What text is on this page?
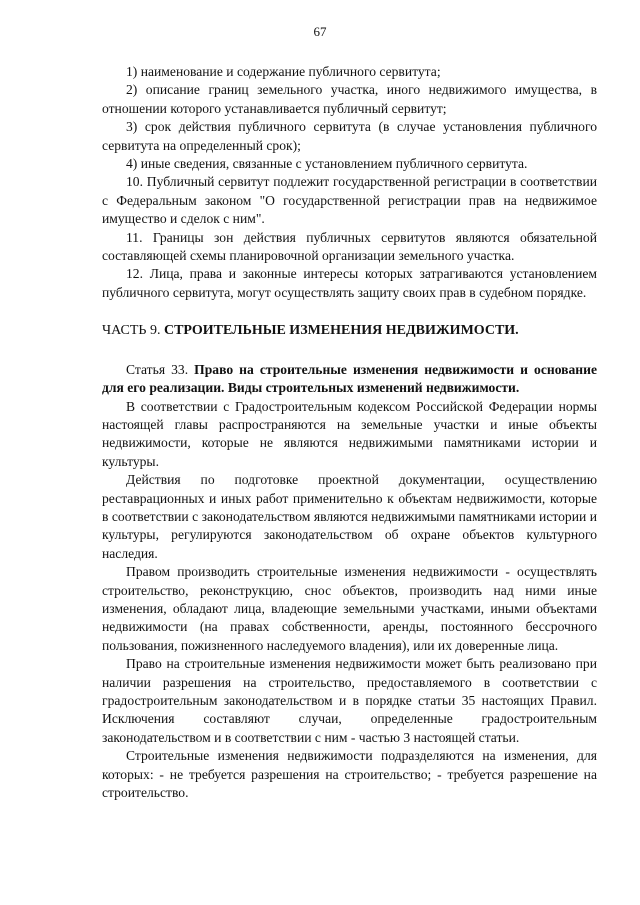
67

1) наименование и содержание публичного сервитута;

2) описание границ земельного участка, иного недвижимого имущества, в отношении которого устанавливается публичный сервитут;

3) срок действия публичного сервитута (в случае установления публичного сервитута на определенный срок);

4) иные сведения, связанные с установлением публичного сервитута.

10. Публичный сервитут подлежит государственной регистрации в соответствии с Федеральным законом "О государственной регистрации прав на недвижимое имущество и сделок с ним".

11. Границы зон действия публичных сервитутов являются обязательной составляющей схемы планировочной организации земельного участка.

12. Лица, права и законные интересы которых затрагиваются установлением публичного сервитута, могут осуществлять защиту своих прав в судебном порядке.

ЧАСТЬ 9. СТРОИТЕЛЬНЫЕ ИЗМЕНЕНИЯ НЕДВИЖИМОСТИ.

Статья 33. Право на строительные изменения недвижимости и основание для его реализации. Виды строительных изменений недвижимости.

В соответствии с Градостроительным кодексом Российской Федерации нормы настоящей главы распространяются на земельные участки и иные объекты недвижимости, которые не являются недвижимыми памятниками истории и культуры.

Действия по подготовке проектной документации, осуществлению реставрационных и иных работ применительно к объектам недвижимости, которые в соответствии с законодательством являются недвижимыми памятниками истории и культуры, регулируются законодательством об охране объектов культурного наследия.

Правом производить строительные изменения недвижимости - осуществлять строительство, реконструкцию, снос объектов, производить над ними иные изменения, обладают лица, владеющие земельными участками, иными объектами недвижимости (на правах собственности, аренды, постоянного бессрочного пользования, пожизненного наследуемого владения), или их доверенные лица.

Право на строительные изменения недвижимости может быть реализовано при наличии разрешения на строительство, предоставляемого в соответствии с градостроительным законодательством и в порядке статьи 35 настоящих Правил. Исключения составляют случаи, определенные градостроительным законодательством и в соответствии с ним - частью 3 настоящей статьи.

Строительные изменения недвижимости подразделяются на изменения, для которых: - не требуется разрешения на строительство; - требуется разрешение на строительство.
